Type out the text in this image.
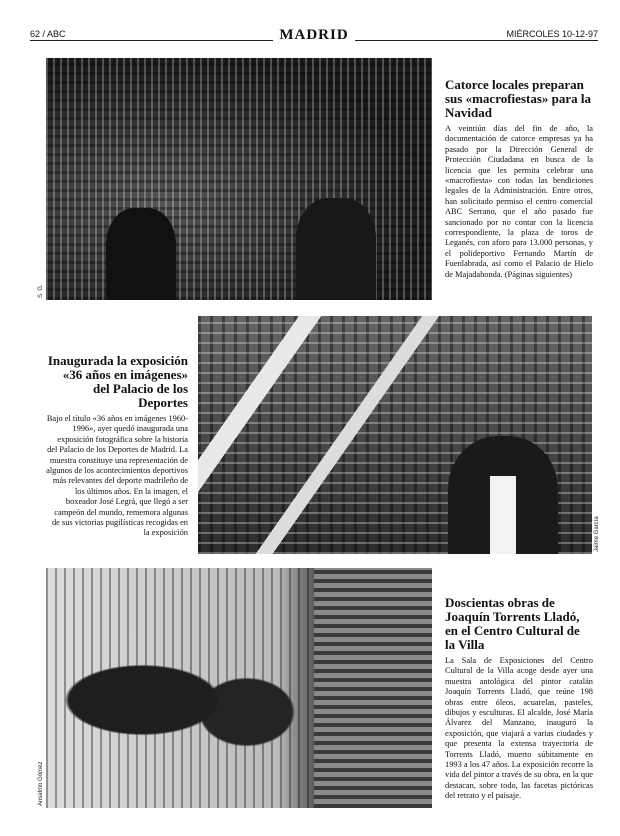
62 / ABC	MADRID	MIÉRCOLES 10-12-97
S. G.
Catorce locales preparan sus «macrofiestas» para la Navidad

A veintiún días del fin de año, la documentación de catorce empresas ya ha pasado por la Dirección General de Protección Ciudadana en busca de la licencia que les permita celebrar una «macrofiesta» con todas las bendiciones legales de la Administración. Entre otros, han solicitado permiso el centro comercial ABC Serrano, que el año pasado fue sancionado por no contar con la licencia correspondiente, la plaza de toros de Leganés, con aforo para 13.000 personas, y el polideportivo Fernando Martín de Fuenlabrada, así como el Palacio de Hielo de Majadahonda. (Páginas siguientes)

Inaugurada la exposición «36 años en imágenes» del Palacio de los Deportes

Bajo el título «36 años en imágenes 1960-1996», ayer quedó inaugurada una exposición fotográfica sobre la historia del Palacio de los Deportes de Madrid. La muestra constituye una representación de algunos de los acontecimientos deportivos más relevantes del deporte madrileño de los últimos años. En la imagen, el boxeador José Legrá, que llegó a ser campeón del mundo, rememora algunas de sus victorias pugilísticas recogidas en la exposición	Jaime García
Anselmo Gómez
Doscientas obras de Joaquín Torrents Lladó, en el Centro Cultural de la Villa

La Sala de Exposiciones del Centro Cultural de la Villa acoge desde ayer una muestra antológica del pintor catalán Joaquín Torrents Lladó, que reúne 198 obras entre óleos, acuarelas, pasteles, dibujos y esculturas. El alcalde, José María Álvarez del Manzano, inauguró la exposición, que viajará a varias ciudades y que presenta la extensa trayectoria de Torrents Lladó, muerto súbitamente en 1993 a los 47 años. La exposición recorre la vida del pintor a través de su obra, en la que destacan, sobre todo, las facetas pictóricas del retrato y el paisaje.
